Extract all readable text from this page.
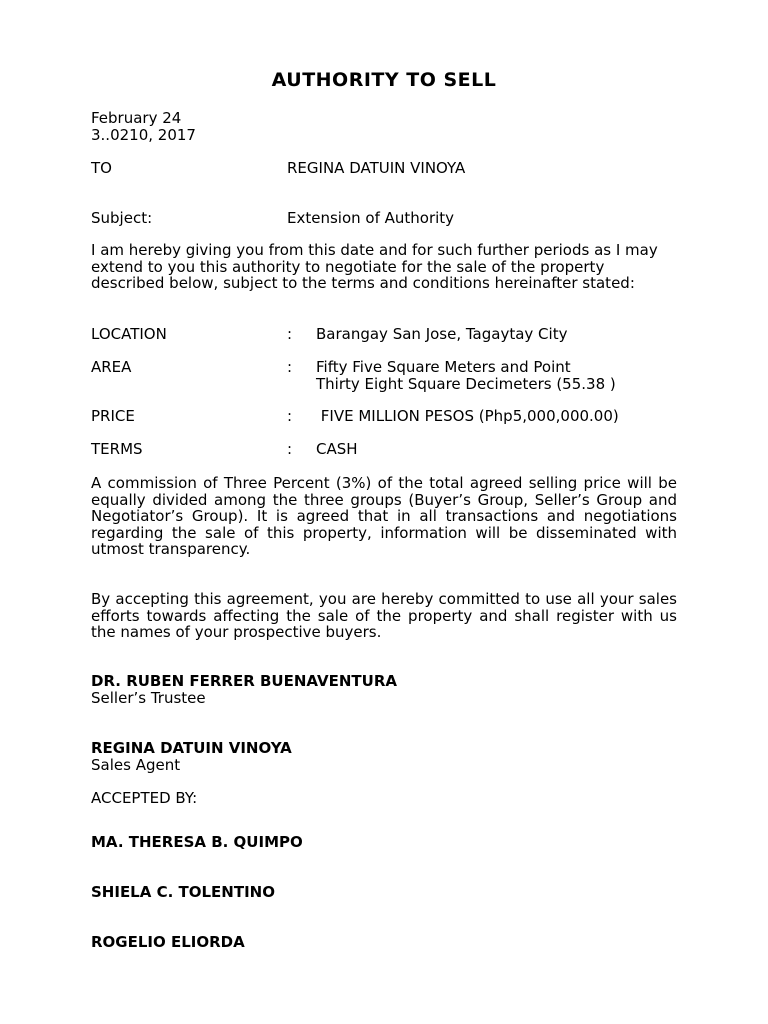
AUTHORITY TO SELL
February 24
3..0210, 2017
TO	REGINA DATUIN VINOYA
Subject:	Extension of Authority
I am hereby giving you from this date and for such further periods as I may extend to you this authority to negotiate for the sale of the property described below, subject to the terms and conditions hereinafter stated:
LOCATION	: Barangay San Jose, Tagaytay City
AREA	: Fifty Five Square Meters and Point
Thirty Eight Square Decimeters (55.38 )
PRICE	: FIVE MILLION PESOS (Php5,000,000.00)
TERMS	: CASH
A commission of Three Percent (3%) of the total agreed selling price will be equally divided among the three groups (Buyer’s Group, Seller’s Group and Negotiator’s Group). It is agreed that in all transactions and negotiations regarding the sale of this property, information will be disseminated with utmost transparency.
By accepting this agreement, you are hereby committed to use all your sales efforts towards affecting the sale of the property and shall register with us the names of your prospective buyers.
DR. RUBEN FERRER BUENAVENTURA
Seller’s Trustee
REGINA DATUIN VINOYA
Sales Agent
ACCEPTED BY:
MA. THERESA B. QUIMPO
SHIELA C. TOLENTINO
ROGELIO ELIORDA
